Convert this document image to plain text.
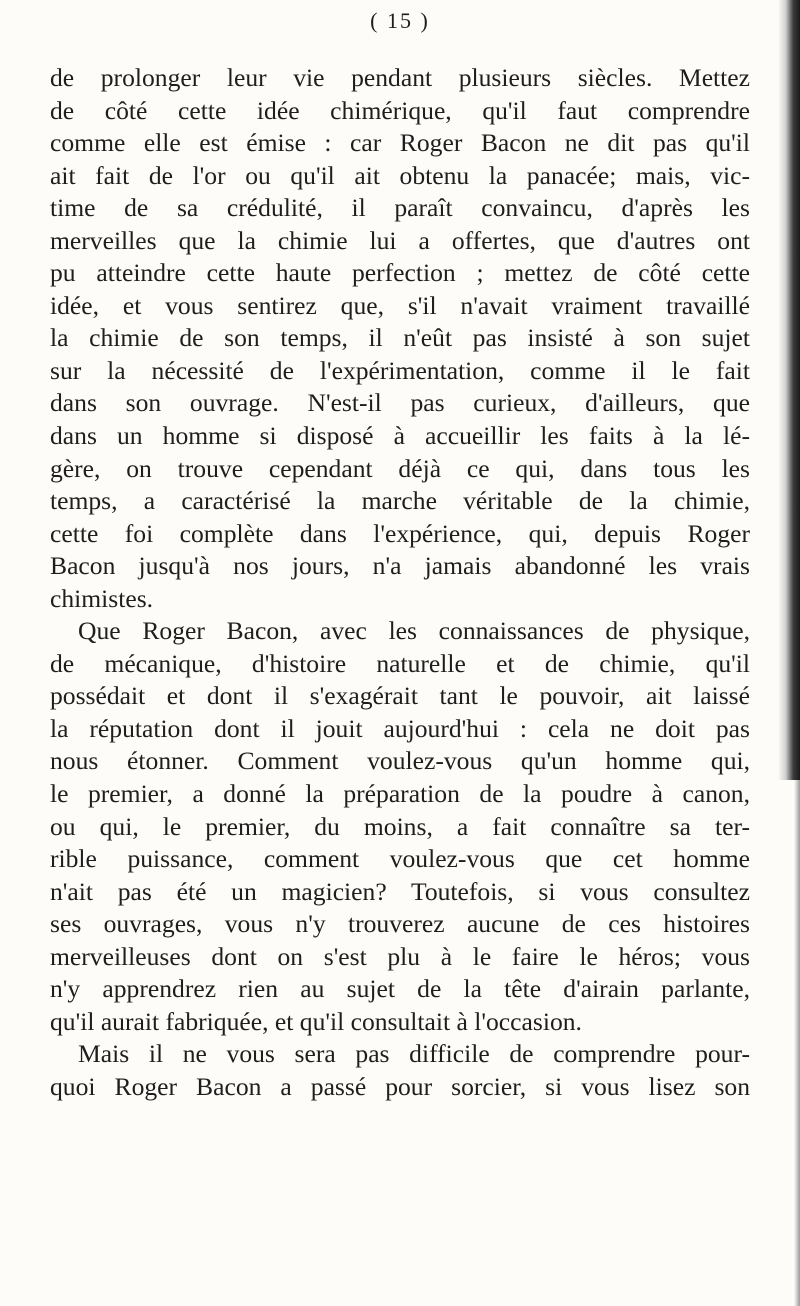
( 15 )
de prolonger leur vie pendant plusieurs siècles. Mettez
de côté cette idée chimérique, qu'il faut comprendre
comme elle est émise : car Roger Bacon ne dit pas qu'il
ait fait de l'or ou qu'il ait obtenu la panacée; mais, vic-
time de sa crédulité, il paraît convaincu, d'après les
merveilles que la chimie lui a offertes, que d'autres ont
pu atteindre cette haute perfection ; mettez de côté cette
idée, et vous sentirez que, s'il n'avait vraiment travaillé
la chimie de son temps, il n'eût pas insisté à son sujet
sur la nécessité de l'expérimentation, comme il le fait
dans son ouvrage. N'est-il pas curieux, d'ailleurs, que
dans un homme si disposé à accueillir les faits à la lé-
gère, on trouve cependant déjà ce qui, dans tous les
temps, a caractérisé la marche véritable de la chimie,
cette foi complète dans l'expérience, qui, depuis Roger
Bacon jusqu'à nos jours, n'a jamais abandonné les vrais
chimistes.
Que Roger Bacon, avec les connaissances de physique,
de mécanique, d'histoire naturelle et de chimie, qu'il
possédait et dont il s'exagérait tant le pouvoir, ait laissé
la réputation dont il jouit aujourd'hui : cela ne doit pas
nous étonner. Comment voulez-vous qu'un homme qui,
le premier, a donné la préparation de la poudre à canon,
ou qui, le premier, du moins, a fait connaître sa ter-
rible puissance, comment voulez-vous que cet homme
n'ait pas été un magicien? Toutefois, si vous consultez
ses ouvrages, vous n'y trouverez aucune de ces histoires
merveilleuses dont on s'est plu à le faire le héros; vous
n'y apprendrez rien au sujet de la tête d'airain parlante,
qu'il aurait fabriquée, et qu'il consultait à l'occasion.
Mais il ne vous sera pas difficile de comprendre pour-
quoi Roger Bacon a passé pour sorcier, si vous lisez son
